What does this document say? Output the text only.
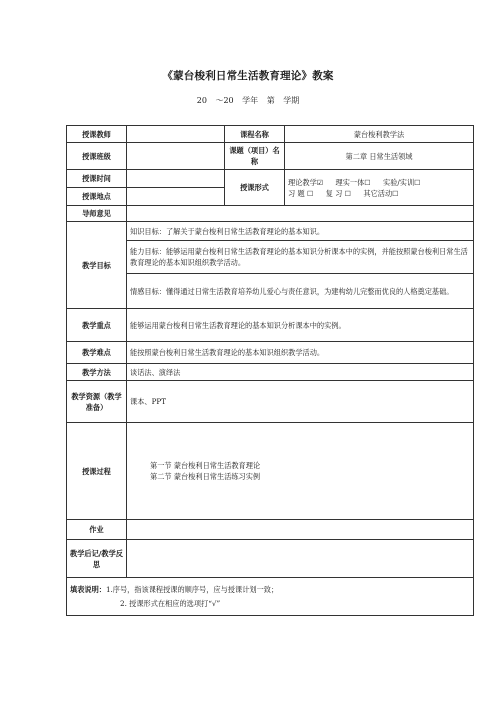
《蒙台梭利日常生活教育理论》教案
20 ～20 学年 第 学期
授课教师		课程名称	蒙台梭利教学法
授课班级		课题（项目）名称	第二章 日常生活领域
授课时间		授课形式	理论教学☑ 理实一体☐ 实验/实训☐
习 题 ☐ 复 习 ☐ 其它活动☐

授课地点			
导师意见			
教学目标	知识目标：了解关于蒙台梭利日常生活教育理论的基本知识。		
	能力目标：能够运用蒙台梭利日常生活教育理论的基本知识分析课本中的实例，并能按照蒙台梭利日常生活教育理论的基本知识组织教学活动。		
	情感目标：懂得通过日常生活教育培养幼儿爱心与责任意识，为建构幼儿完整而优良的人格奠定基础。		
教学重点	能够运用蒙台梭利日常生活教育理论的基本知识分析课本中的实例。		
教学难点	能按照蒙台梭利日常生活教育理论的基本知识组织教学活动。		
教学方法	谈话法、演绎法		
教学资源（教学准备）	课本、PPT		
授课过程	第一节 蒙台梭利日常生活教育理论
第二节 蒙台梭利日常生活练习实例		

作业			
教学后记/教学反思			

填表说明：1.序号，指该课程授课的顺序号，应与授课计划一致；
2. 授课形式在相应的选项打“√”			
